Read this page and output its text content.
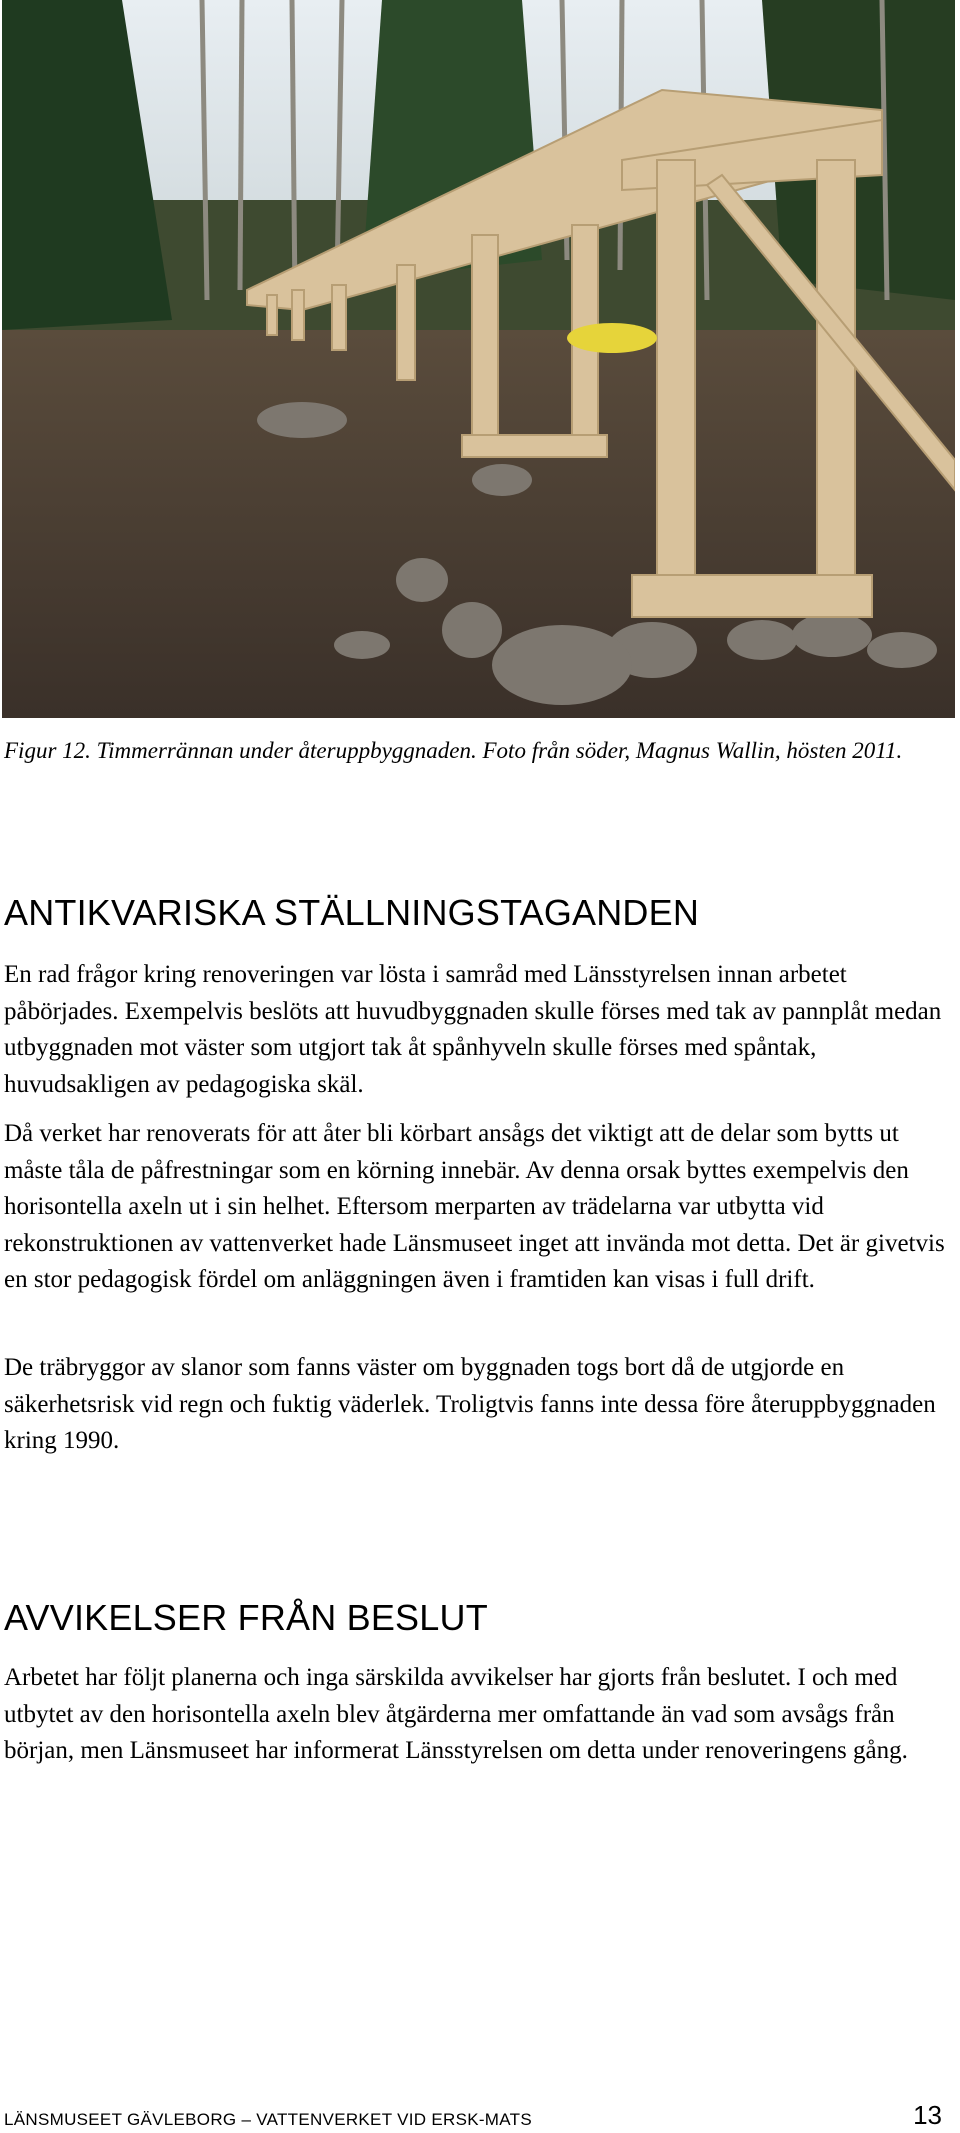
Figur 12. Timmerrännan under återuppbyggnaden. Foto från söder, Magnus Wallin, hösten 2011.
ANTIKVARISKA STÄLLNINGSTAGANDEN

En rad frågor kring renoveringen var lösta i samråd med Länsstyrelsen innan arbetet påbörjades. Exempelvis beslöts att huvudbyggnaden skulle förses med tak av pannplåt medan utbyggnaden mot väster som utgjort tak åt spånhyveln skulle förses med spåntak, huvudsakligen av pedagogiska skäl.

Då verket har renoverats för att åter bli körbart ansågs det viktigt att de delar som bytts ut måste tåla de påfrestningar som en körning innebär. Av denna orsak byttes exempelvis den horisontella axeln ut i sin helhet. Eftersom merparten av trädelarna var utbytta vid rekonstruktionen av vattenverket hade Länsmuseet inget att invända mot detta. Det är givetvis en stor pedagogisk fördel om anläggningen även i framtiden kan visas i full drift.

De träbryggor av slanor som fanns väster om byggnaden togs bort då de utgjorde en säkerhetsrisk vid regn och fuktig väderlek. Troligtvis fanns inte dessa före återuppbyggnaden kring 1990.

AVVIKELSER FRÅN BESLUT

Arbetet har följt planerna och inga särskilda avvikelser har gjorts från beslutet. I och med utbytet av den horisontella axeln blev åtgärderna mer omfattande än vad som avsågs från början, men Länsmuseet har informerat Länsstyrelsen om detta under renoveringens gång.

LÄNSMUSEET GÄVLEBORG – VATTENVERKET VID ERSK-MATS	13
